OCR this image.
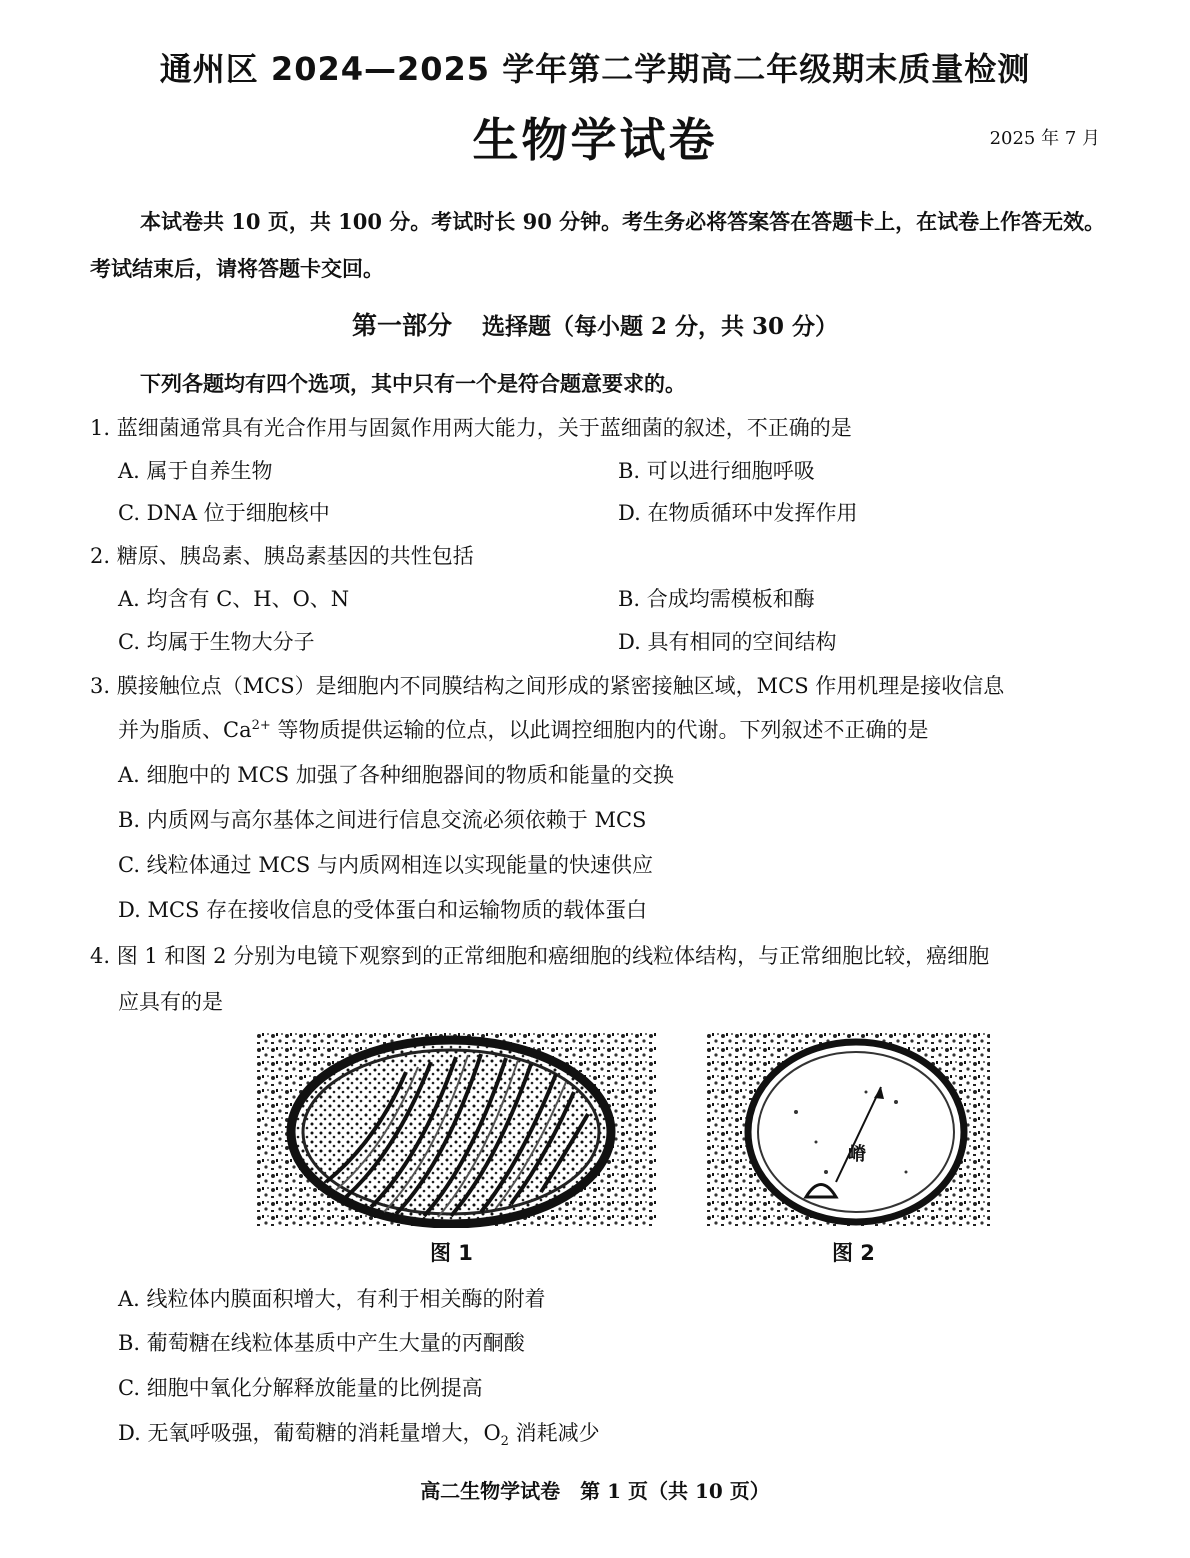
通州区 2024—2025 学年第二学期高二年级期末质量检测
生物学试卷	2025 年 7 月
本试卷共 10 页，共 100 分。考试时长 90 分钟。考生务必将答案答在答题卡上，在试卷上作答无效。考试结束后，请将答题卡交回。
第一部分 选择题（每小题 2 分，共 30 分）
下列各题均有四个选项，其中只有一个是符合题意要求的。
1. 蓝细菌通常具有光合作用与固氮作用两大能力，关于蓝细菌的叙述，不正确的是
A. 属于自养生物	B. 可以进行细胞呼吸
C. DNA 位于细胞核中	D. 在物质循环中发挥作用
2. 糖原、胰岛素、胰岛素基因的共性包括
A. 均含有 C、H、O、N	B. 合成均需模板和酶
C. 均属于生物大分子	D. 具有相同的空间结构
3. 膜接触位点（MCS）是细胞内不同膜结构之间形成的紧密接触区域，MCS 作用机理是接收信息
并为脂质、$Ca^{2+}$ 等物质提供运输的位点，以此调控细胞内的代谢。下列叙述不正确的是
A. 细胞中的 MCS 加强了各种细胞器间的物质和能量的交换
B. 内质网与高尔基体之间进行信息交流必须依赖于 MCS
C. 线粒体通过 MCS 与内质网相连以实现能量的快速供应
D. MCS 存在接收信息的受体蛋白和运输物质的载体蛋白
4. 图 1 和图 2 分别为电镜下观察到的正常细胞和癌细胞的线粒体结构，与正常细胞比较，癌细胞
应具有的是
图 1
嵴
图 2
A. 线粒体内膜面积增大，有利于相关酶的附着
B. 葡萄糖在线粒体基质中产生大量的丙酮酸
C. 细胞中氧化分解释放能量的比例提高
D. 无氧呼吸强，葡萄糖的消耗量增大，$O_2$ 消耗减少
高二生物学试卷　第 1 页（共 10 页）
